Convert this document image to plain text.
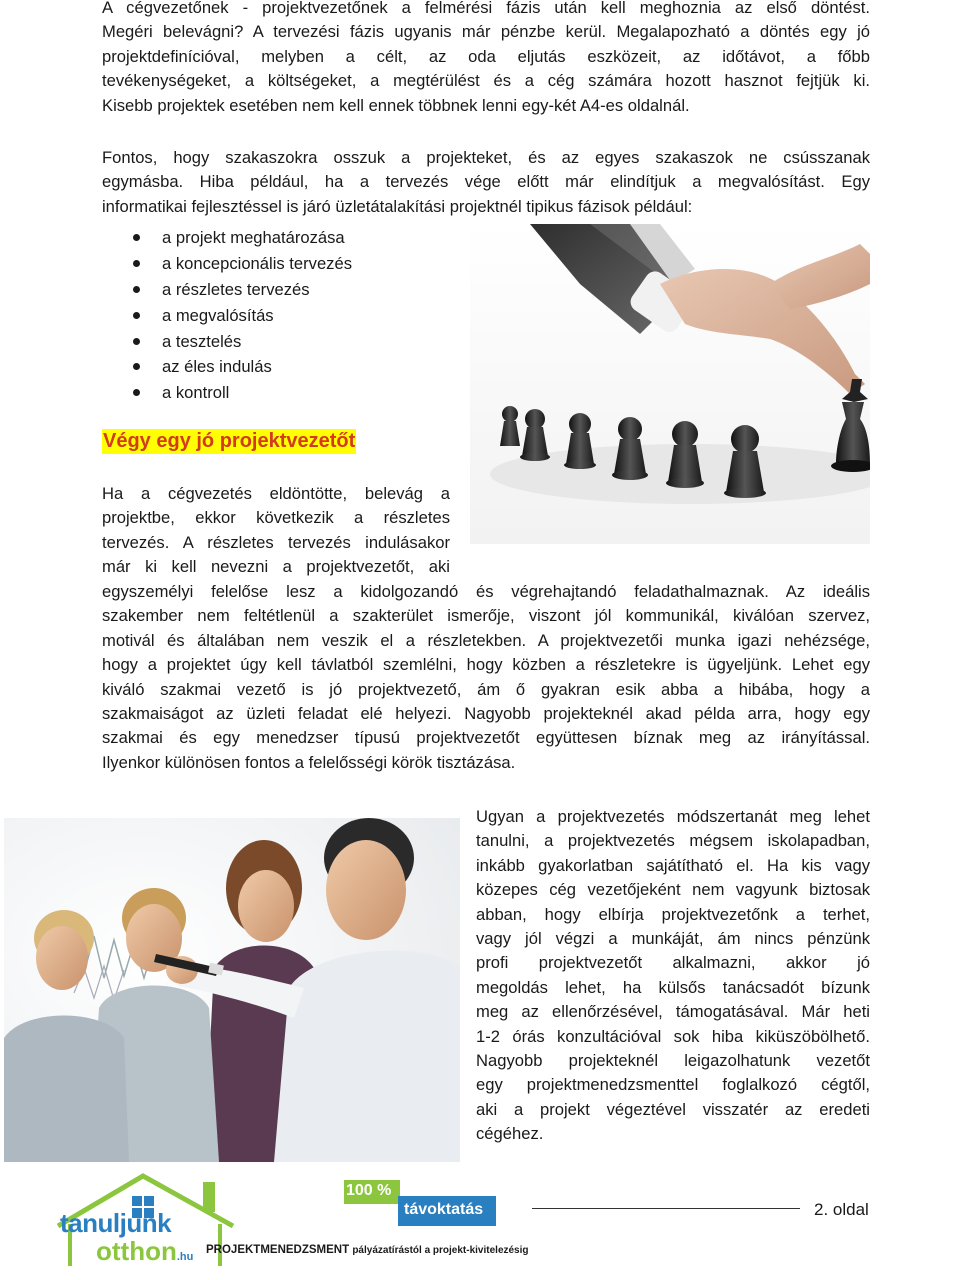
A cégvezetőnek - projektvezetőnek a felmérési fázis után kell meghoznia az első döntést.
Megéri belevágni? A tervezési fázis ugyanis már pénzbe kerül. Megalapozható a döntés egy jó
projektdefinícióval, melyben a célt, az oda eljutás eszközeit, az időtávot, a főbb
tevékenységeket, a költségeket, a megtérülést és a cég számára hozott hasznot fejtjük ki.
Kisebb projektek esetében nem kell ennek többnek lenni egy-két A4-es oldalnál.
Fontos, hogy szakaszokra osszuk a projekteket, és az egyes szakaszok ne csússzanak
egymásba. Hiba például, ha a tervezés vége előtt már elindítjuk a megvalósítást. Egy
informatikai fejlesztéssel is járó üzletátalakítási projektnél tipikus fázisok például:
a projekt meghatározása
a koncepcionális tervezés
a részletes tervezés
a megvalósítás
a tesztelés
az éles indulás
a kontroll
Végy egy jó projektvezetőt
Ha a cégvezetés eldöntötte, belevág a
projektbe, ekkor következik a részletes
tervezés. A részletes tervezés indulásakor
már ki kell nevezni a projektvezetőt, aki
egyszemélyi felelőse lesz a kidolgozandó és végrehajtandó feladathalmaznak. Az ideális
szakember nem feltétlenül a szakterület ismerője, viszont jól kommunikál, kiválóan szervez,
motivál és általában nem veszik el a részletekben. A projektvezetői munka igazi nehézsége,
hogy a projektet úgy kell távlatból szemlélni, hogy közben a részletekre is ügyeljünk. Lehet egy
kiváló szakmai vezető is jó projektvezető, ám ő gyakran esik abba a hibába, hogy a
szakmaiságot az üzleti feladat elé helyezi. Nagyobb projekteknél akad példa arra, hogy egy
szakmai és egy menedzser típusú projektvezetőt együttesen bíznak meg az irányítással.
Ilyenkor különösen fontos a felelősségi körök tisztázása.
Ugyan a projektvezetés módszertanát meg lehet
tanulni, a projektvezetés mégsem iskolapadban,
inkább gyakorlatban sajátítható el. Ha kis vagy
közepes cég vezetőjeként nem vagyunk biztosak
abban, hogy elbírja projektvezetőnk a terhet,
vagy jól végzi a munkáját, ám nincs pénzünk
profi projektvezetőt alkalmazni, akkor jó
megoldás lehet, ha külsős tanácsadót bízunk
meg az ellenőrzésével, támogatásával. Már heti
1-2 órás konzultációval sok hiba kiküszöbölhető.
Nagyobb projekteknél leigazolhatunk vezetőt
egy projektmenedzsmenttel foglalkozó cégtől,
aki a projekt végeztével visszatér az eredeti
cégéhez.
tanuljunk
otthon.hu
100 %
távoktatás
PROJEKTMENEDZSMENT pályázatírástól a projekt-kivitelezésig
2. oldal
